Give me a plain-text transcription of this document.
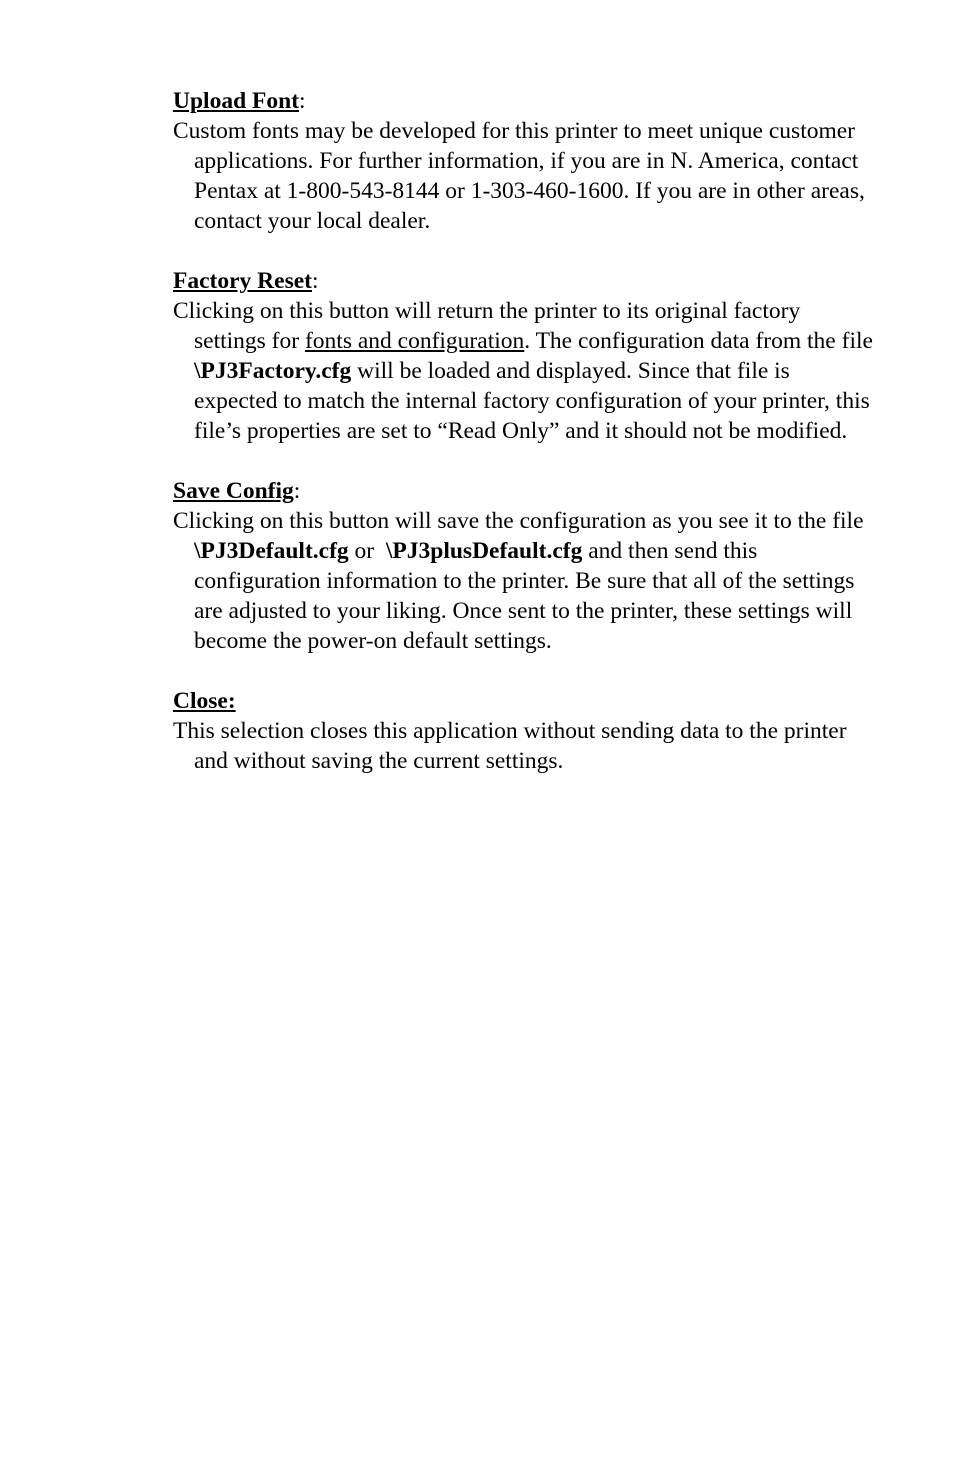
Upload Font:

Custom fonts may be developed for this printer to meet unique customer applications. For further information, if you are in N. America, contact Pentax at 1-800-543-8144 or 1-303-460-1600. If you are in other areas, contact your local dealer.

Factory Reset:

Clicking on this button will return the printer to its original factory settings for fonts and configuration. The configuration data from the file \PJ3Factory.cfg will be loaded and displayed. Since that file is expected to match the internal factory configuration of your printer, this file’s properties are set to “Read Only” and it should not be modified.

Save Config:

Clicking on this button will save the configuration as you see it to the file \PJ3Default.cfg or  \PJ3plusDefault.cfg and then send this configuration information to the printer. Be sure that all of the settings are adjusted to your liking. Once sent to the printer, these settings will become the power-on default settings.

Close:

This selection closes this application without sending data to the printer and without saving the current settings.
